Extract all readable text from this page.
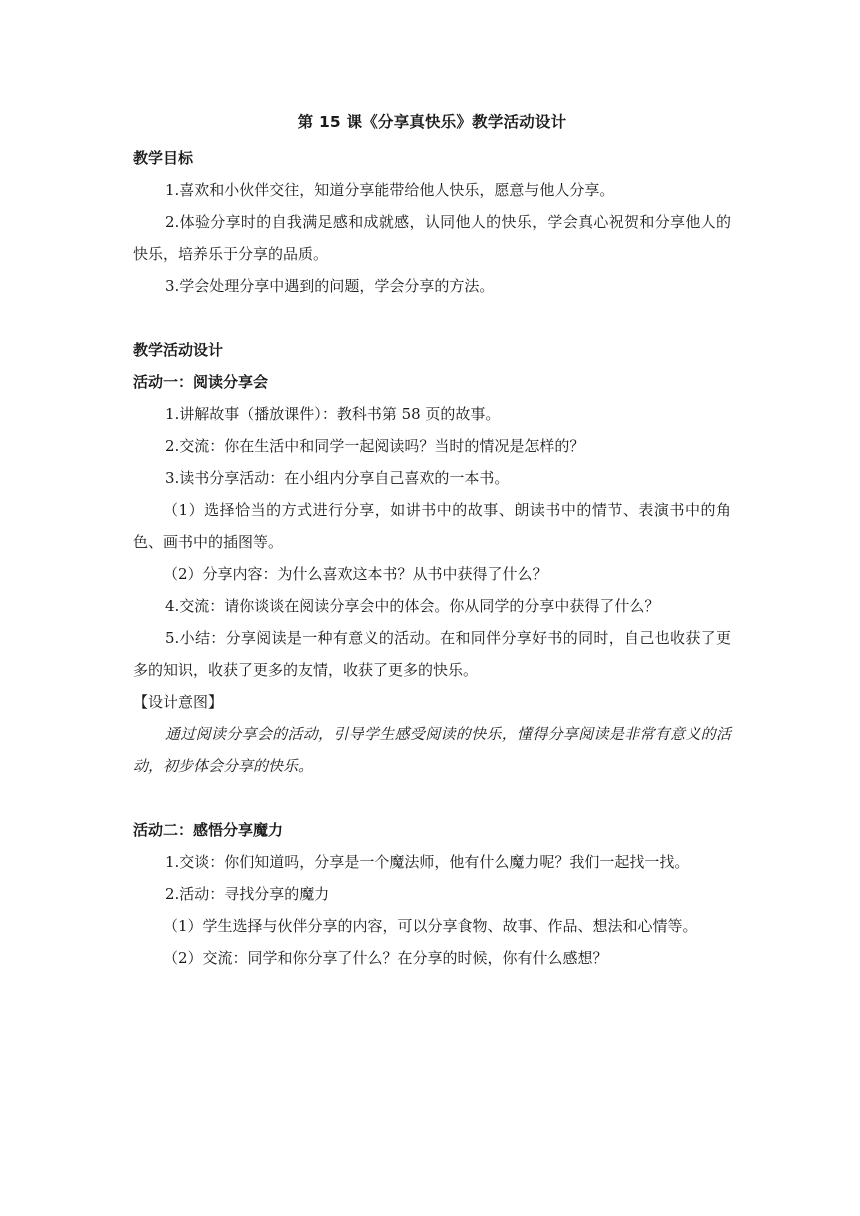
第 15 课《分享真快乐》教学活动设计
教学目标

1.喜欢和小伙伴交往，知道分享能带给他人快乐，愿意与他人分享。

2.体验分享时的自我满足感和成就感，认同他人的快乐，学会真心祝贺和分享他人的快乐，培养乐于分享的品质。

3.学会处理分享中遇到的问题，学会分享的方法。

教学活动设计
活动一：阅读分享会

1.讲解故事（播放课件）：教科书第 58 页的故事。

2.交流：你在生活中和同学一起阅读吗？当时的情况是怎样的？

3.读书分享活动：在小组内分享自己喜欢的一本书。

（1）选择恰当的方式进行分享，如讲书中的故事、朗读书中的情节、表演书中的角色、画书中的插图等。

（2）分享内容：为什么喜欢这本书？从书中获得了什么？

4.交流：请你谈谈在阅读分享会中的体会。你从同学的分享中获得了什么？

5.小结：分享阅读是一种有意义的活动。在和同伴分享好书的同时，自己也收获了更多的知识，收获了更多的友情，收获了更多的快乐。

【设计意图】

通过阅读分享会的活动，引导学生感受阅读的快乐，懂得分享阅读是非常有意义的活动，初步体会分享的快乐。

活动二：感悟分享魔力

1.交谈：你们知道吗，分享是一个魔法师，他有什么魔力呢？我们一起找一找。

2.活动：寻找分享的魔力

（1）学生选择与伙伴分享的内容，可以分享食物、故事、作品、想法和心情等。

（2）交流：同学和你分享了什么？在分享的时候，你有什么感想？
